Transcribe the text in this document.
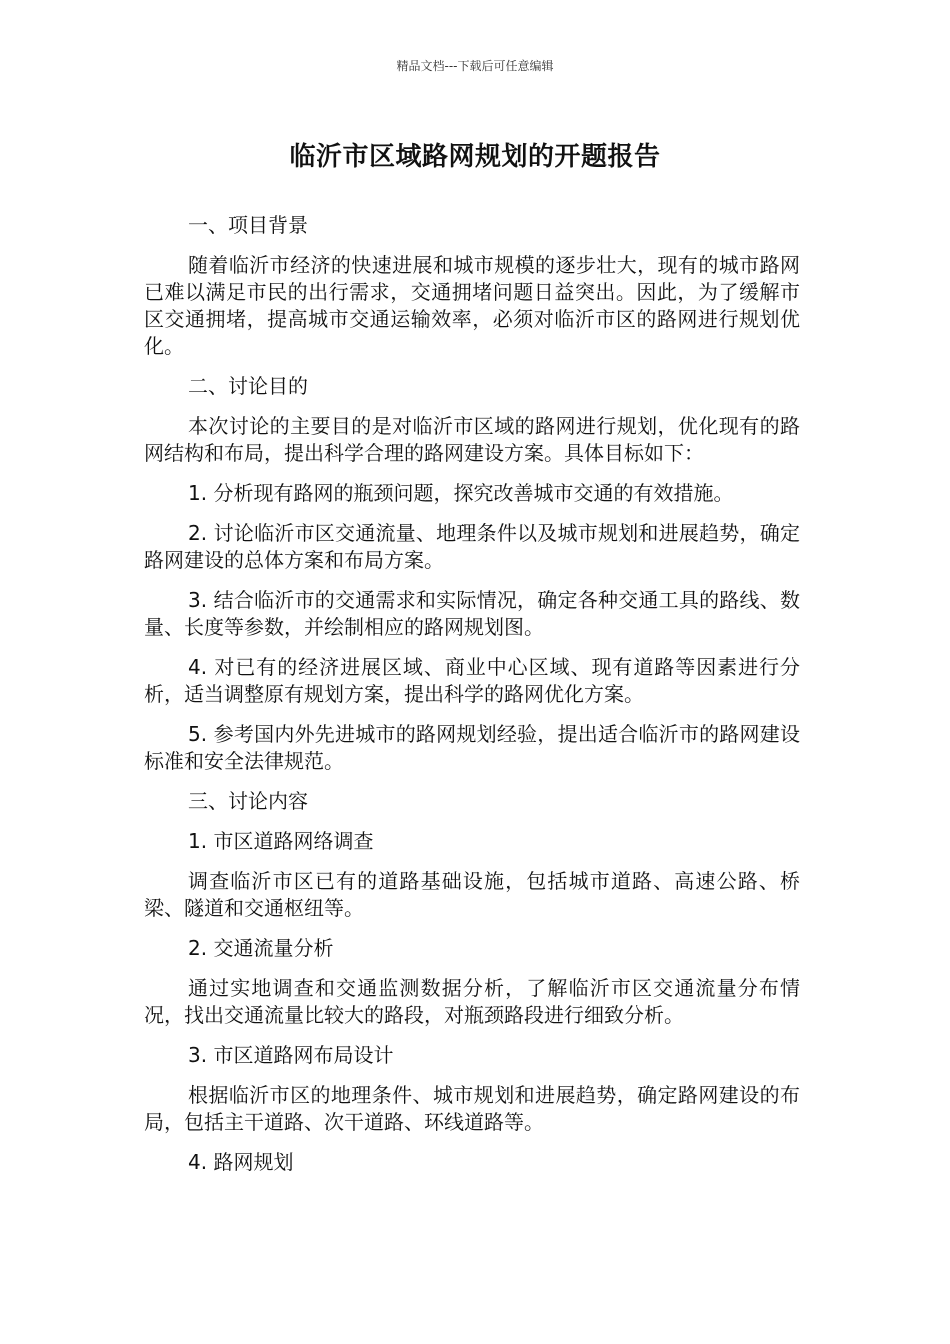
精品文档---下载后可任意编辑
临沂市区域路网规划的开题报告
一、项目背景
随着临沂市经济的快速进展和城市规模的逐步壮大，现有的城市路网已难以满足市民的出行需求，交通拥堵问题日益突出。因此，为了缓解市区交通拥堵，提高城市交通运输效率，必须对临沂市区的路网进行规划优化。
二、讨论目的
本次讨论的主要目的是对临沂市区域的路网进行规划，优化现有的路网结构和布局，提出科学合理的路网建设方案。具体目标如下：
1. 分析现有路网的瓶颈问题，探究改善城市交通的有效措施。
2. 讨论临沂市区交通流量、地理条件以及城市规划和进展趋势，确定路网建设的总体方案和布局方案。
3. 结合临沂市的交通需求和实际情况，确定各种交通工具的路线、数量、长度等参数，并绘制相应的路网规划图。
4. 对已有的经济进展区域、商业中心区域、现有道路等因素进行分析，适当调整原有规划方案，提出科学的路网优化方案。
5. 参考国内外先进城市的路网规划经验，提出适合临沂市的路网建设标准和安全法律规范。
三、讨论内容
1. 市区道路网络调查
调查临沂市区已有的道路基础设施，包括城市道路、高速公路、桥梁、隧道和交通枢纽等。
2. 交通流量分析
通过实地调查和交通监测数据分析，了解临沂市区交通流量分布情况，找出交通流量比较大的路段，对瓶颈路段进行细致分析。
3. 市区道路网布局设计
根据临沂市区的地理条件、城市规划和进展趋势，确定路网建设的布局，包括主干道路、次干道路、环线道路等。
4. 路网规划
